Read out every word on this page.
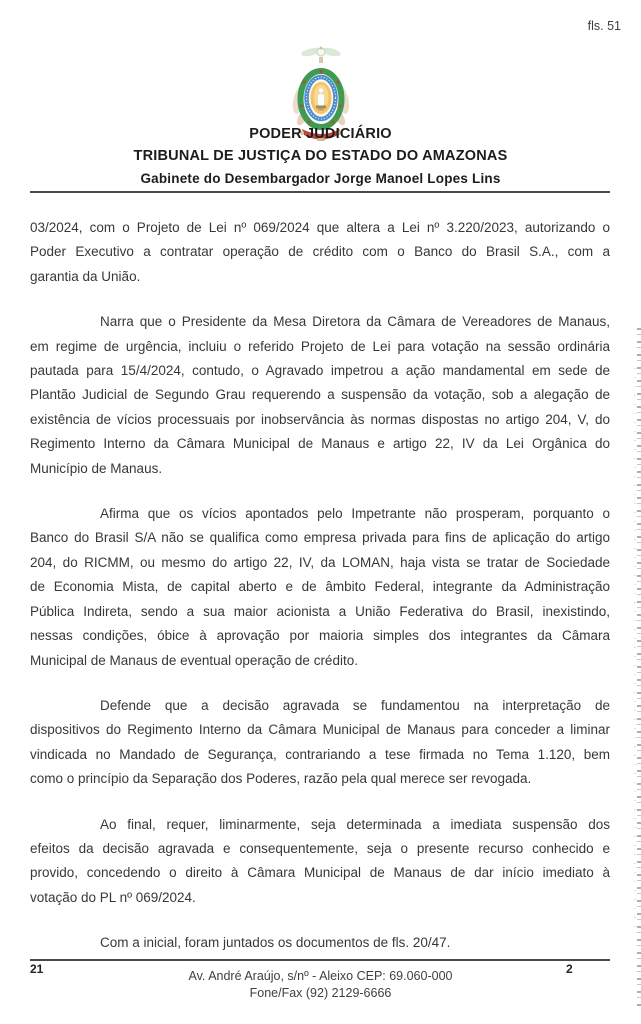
fls. 51
PODER JUDICIÁRIO
TRIBUNAL DE JUSTIÇA DO ESTADO DO AMAZONAS
Gabinete do Desembargador Jorge Manoel Lopes Lins
03/2024, com o Projeto de Lei nº 069/2024 que altera a Lei nº 3.220/2023, autorizando o
Poder Executivo a contratar operação de crédito com o Banco do Brasil S.A., com a
garantia da União.
Narra que o Presidente da Mesa Diretora da Câmara de Vereadores de Manaus,
em regime de urgência, incluiu o referido Projeto de Lei para votação na sessão ordinária
pautada para 15/4/2024, contudo, o Agravado impetrou a ação mandamental em sede de
Plantão Judicial de Segundo Grau requerendo a suspensão da votação, sob a alegação de
existência de vícios processuais por inobservância às normas dispostas no artigo 204, V, do
Regimento Interno da Câmara Municipal de Manaus e artigo 22, IV da Lei Orgânica do
Município de Manaus.
Afirma que os vícios apontados pelo Impetrante não prosperam, porquanto o
Banco do Brasil S/A não se qualifica como empresa privada para fins de aplicação do artigo
204, do RICMM, ou mesmo do artigo 22, IV, da LOMAN, haja vista se tratar de Sociedade
de Economia Mista, de capital aberto e de âmbito Federal, integrante da Administração
Pública Indireta, sendo a sua maior acionista a União Federativa do Brasil, inexistindo,
nessas condições, óbice à aprovação por maioria simples dos integrantes da Câmara
Municipal de Manaus de eventual operação de crédito.
Defende que a decisão agravada se fundamentou na interpretação de
dispositivos do Regimento Interno da Câmara Municipal de Manaus para conceder a liminar
vindicada no Mandado de Segurança, contrariando a tese firmada no Tema 1.120, bem
como o princípio da Separação dos Poderes, razão pela qual merece ser revogada.
Ao final, requer, liminarmente, seja determinada a imediata suspensão dos
efeitos da decisão agravada e consequentemente, seja o presente recurso conhecido e
provido, concedendo o direito à Câmara Municipal de Manaus de dar início imediato à
votação do PL nº 069/2024.
Com a inicial, foram juntados os documentos de fls. 20/47.
21	2
Av. André Araújo, s/nº - Aleixo CEP: 69.060-000
Fone/Fax (92) 2129-6666
